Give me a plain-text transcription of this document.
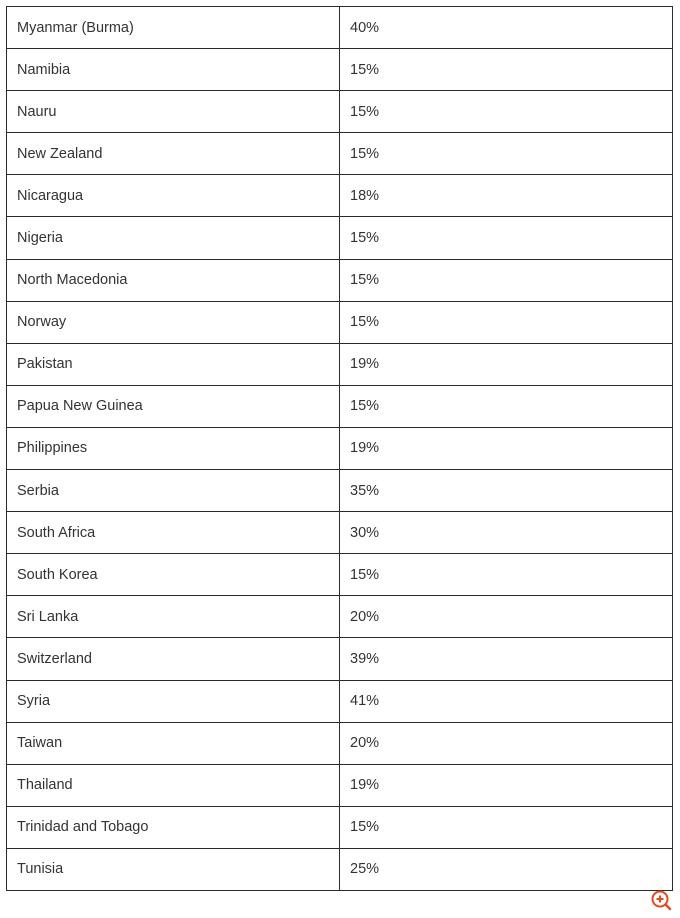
Myanmar (Burma)	40%
Namibia	15%
Nauru	15%
New Zealand	15%
Nicaragua	18%
Nigeria	15%
North Macedonia	15%
Norway	15%
Pakistan	19%
Papua New Guinea	15%
Philippines	19%
Serbia	35%
South Africa	30%
South Korea	15%
Sri Lanka	20%
Switzerland	39%
Syria	41%
Taiwan	20%
Thailand	19%
Trinidad and Tobago	15%
Tunisia	25%
